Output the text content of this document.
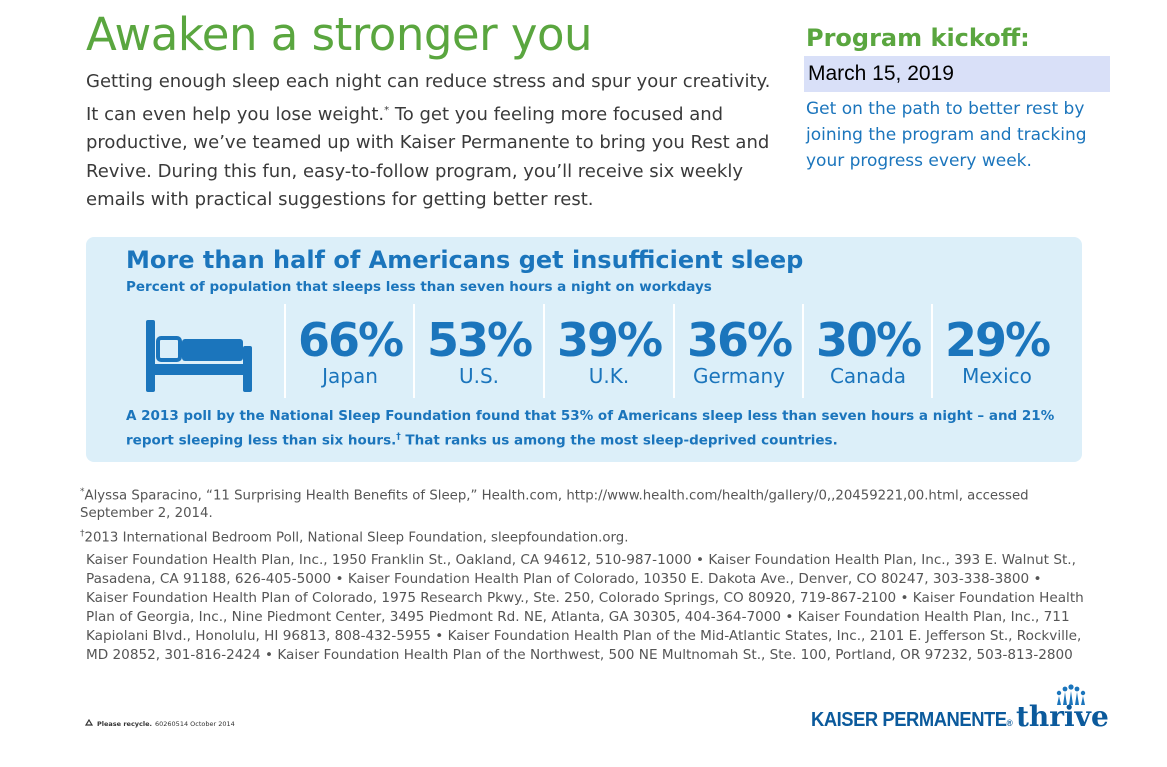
Awaken a stronger you

Getting enough sleep each night can reduce stress and spur your creativity. It can even help you lose weight.* To get you feeling more focused and productive, we’ve teamed up with Kaiser Permanente to bring you Rest and Revive. During this fun, easy-to-follow program, you’ll receive six weekly emails with practical suggestions for getting better rest.

Program kickoff:
March 15, 2019
Get on the path to better rest by joining the program and tracking your progress every week.
More than half of Americans get insufficient sleep
Percent of population that sleeps less than seven hours a night on workdays
66%
Japan
53%
U.S.
39%
U.K.
36%
Germany
30%
Canada
29%
Mexico

A 2013 poll by the National Sleep Foundation found that 53% of Americans sleep less than seven hours a night – and 21% report sleeping less than six hours.† That ranks us among the most sleep-deprived countries.

*Alyssa Sparacino, “11 Surprising Health Benefits of Sleep,” Health.com, http://www.health.com/health/gallery/0,,20459221,00.html, accessed September 2, 2014.
†2013 International Bedroom Poll, National Sleep Foundation, sleepfoundation.org.
Kaiser Foundation Health Plan, Inc., 1950 Franklin St., Oakland, CA 94612, 510-987-1000 • Kaiser Foundation Health Plan, Inc., 393 E. Walnut St., Pasadena, CA 91188, 626-405-5000 • Kaiser Foundation Health Plan of Colorado, 10350 E. Dakota Ave., Denver, CO 80247, 303-338-3800 • Kaiser Foundation Health Plan of Colorado, 1975 Research Pkwy., Ste. 250, Colorado Springs, CO 80920, 719-867-2100 • Kaiser Foundation Health Plan of Georgia, Inc., Nine Piedmont Center, 3495 Piedmont Rd. NE, Atlanta, GA 30305, 404-364-7000 • Kaiser Foundation Health Plan, Inc., 711 Kapiolani Blvd., Honolulu, HI 96813, 808-432-5955 • Kaiser Foundation Health Plan of the Mid-Atlantic States, Inc., 2101 E. Jefferson St., Rockville, MD 20852, 301-816-2424 • Kaiser Foundation Health Plan of the Northwest, 500 NE Multnomah St., Ste. 100, Portland, OR 97232, 503-813-2800
Please recycle. 60260514 October 2014	KAISER PERMANENTE® thrive
